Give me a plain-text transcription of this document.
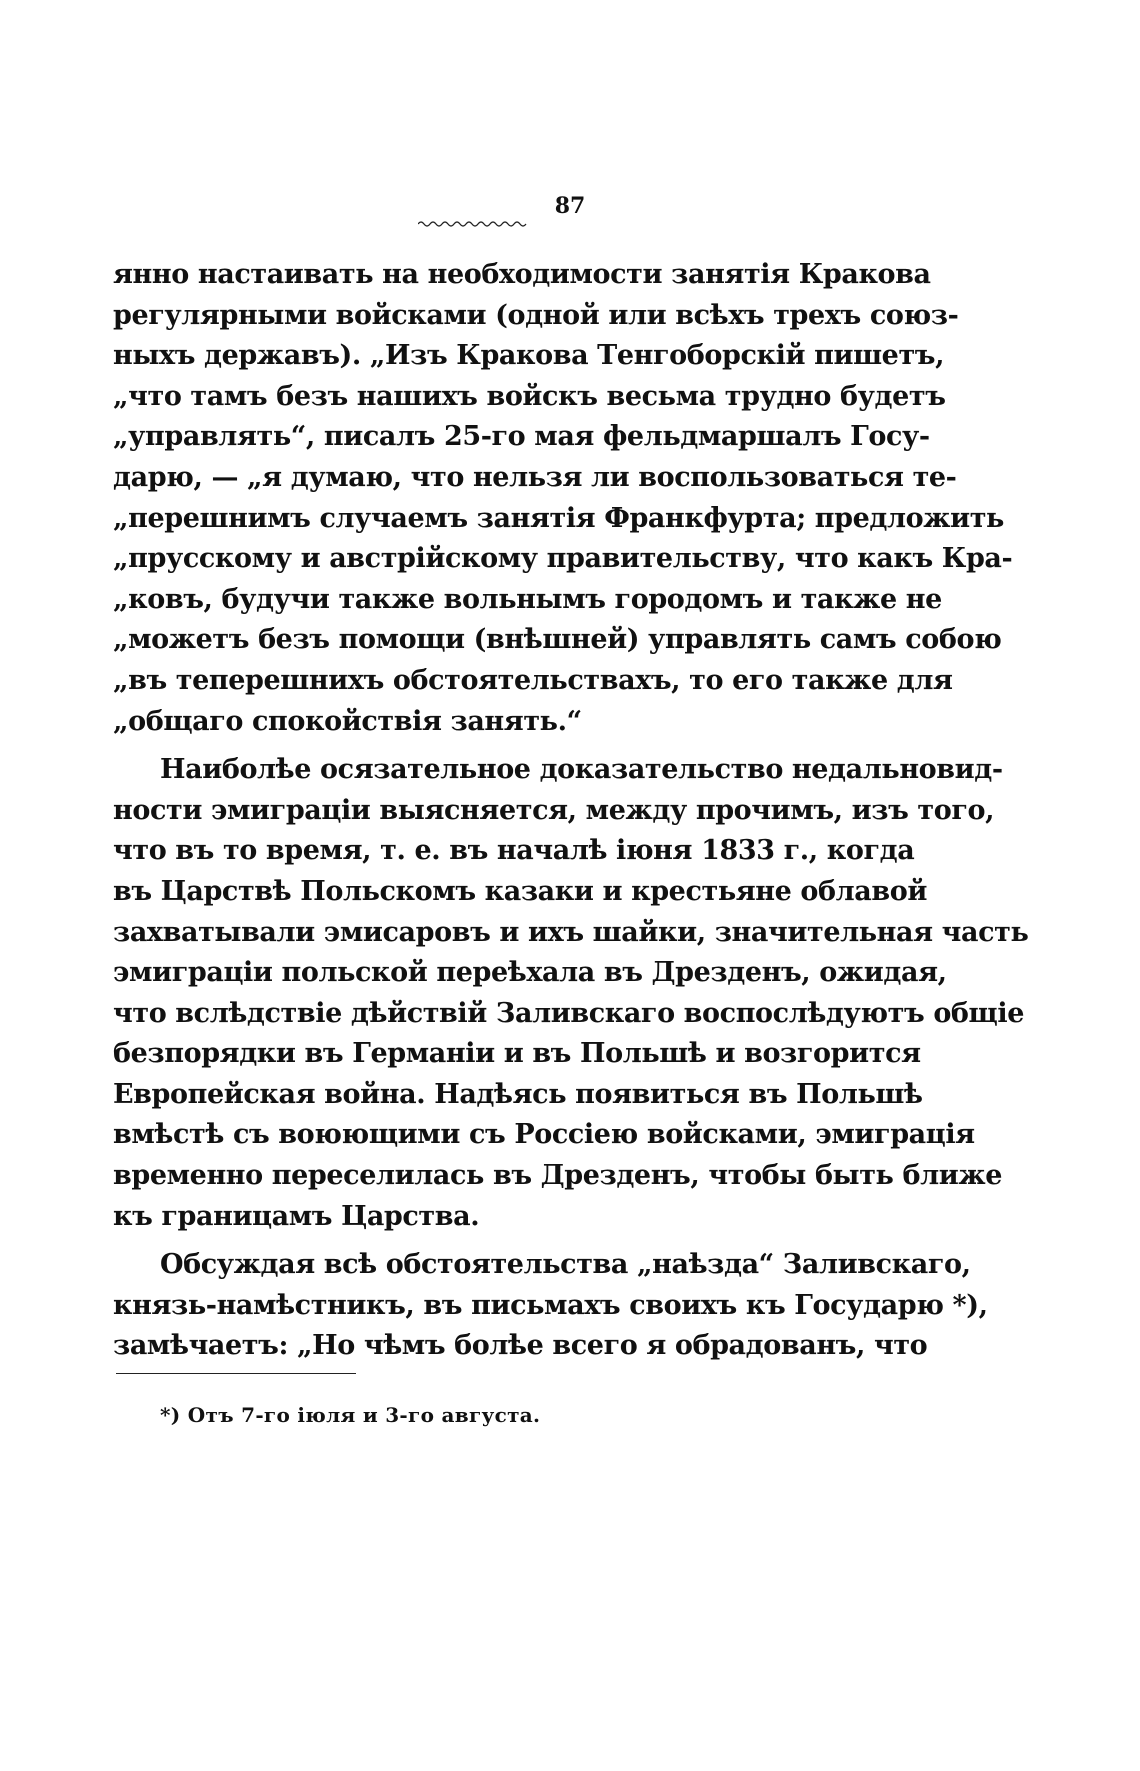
87
янно настаивать на необходимости занятія Кракова
регулярными войсками (одной или всѣхъ трехъ союз-
ныхъ державъ). „Изъ Кракова Тенгоборскій пишетъ,
„что тамъ безъ нашихъ войскъ весьма трудно будетъ
„управлять“, писалъ 25-го мая фельдмаршалъ Госу-
дарю, — „я думаю, что нельзя ли воспользоваться те-
„перешнимъ случаемъ занятія Франкфурта; предложить
„прусскому и австрійскому правительству, что какъ Кра-
„ковъ, будучи также вольнымъ городомъ и также не
„можетъ безъ помощи (внѣшней) управлять самъ собою
„въ теперешнихъ обстоятельствахъ, то его также для
„общаго спокойствія занять.“
Наиболѣе осязательное доказательство недальновид-
ности эмиграціи выясняется, между прочимъ, изъ того,
что въ то время, т. е. въ началѣ іюня 1833 г., когда
въ Царствѣ Польскомъ казаки и крестьяне облавой
захватывали эмисаровъ и ихъ шайки, значительная часть
эмиграціи польской переѣхала въ Дрезденъ, ожидая,
что вслѣдствіе дѣйствій Заливскаго воспослѣдуютъ общіе
безпорядки въ Германіи и въ Польшѣ и возгорится
Европейская война. Надѣясь появиться въ Польшѣ
вмѣстѣ съ воюющими съ Россіею войсками, эмиграція
временно переселилась въ Дрезденъ, чтобы быть ближе
къ границамъ Царства.
Обсуждая всѣ обстоятельства „наѣзда“ Заливскаго,
князь-намѣстникъ, въ письмахъ своихъ къ Государю *),
замѣчаетъ: „Но чѣмъ болѣе всего я обрадованъ, что
*) Отъ 7-го іюля и 3-го августа.
